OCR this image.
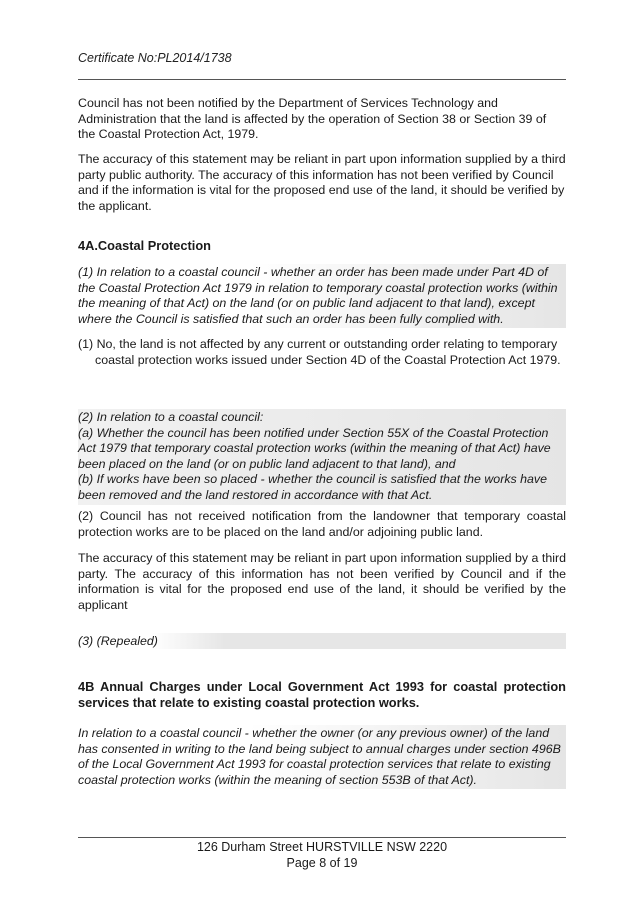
Certificate No:PL2014/1738

Council has not been notified by the Department of Services Technology and Administration that the land is affected by the operation of Section 38 or Section 39 of the Coastal Protection Act, 1979.

The accuracy of this statement may be reliant in part upon information supplied by a third party public authority. The accuracy of this information has not been verified by Council and if the information is vital for the proposed end use of the land, it should be verified by the applicant.

4A.Coastal Protection

(1) In relation to a coastal council - whether an order has been made under Part 4D of the Coastal Protection Act 1979 in relation to temporary coastal protection works (within the meaning of that Act) on the land (or on public land adjacent to that land), except where the Council is satisfied that such an order has been fully complied with.

(1) No, the land is not affected by any current or outstanding order relating to temporary coastal protection works issued under Section 4D of the Coastal Protection Act 1979.

(2) In relation to a coastal council:
(a) Whether the council has been notified under Section 55X of the Coastal Protection Act 1979 that temporary coastal protection works (within the meaning of that Act) have been placed on the land (or on public land adjacent to that land), and
(b) If works have been so placed - whether the council is satisfied that the works have been removed and the land restored in accordance with that Act.

(2) Council has not received notification from the landowner that temporary coastal protection works are to be placed on the land and/or adjoining public land.

The accuracy of this statement may be reliant in part upon information supplied by a third party. The accuracy of this information has not been verified by Council and if the information is vital for the proposed end use of the land, it should be verified by the applicant

(3) (Repealed)

4B Annual Charges under Local Government Act 1993 for coastal protection services that relate to existing coastal protection works.

In relation to a coastal council - whether the owner (or any previous owner) of the land has consented in writing to the land being subject to annual charges under section 496B of the Local Government Act 1993 for coastal protection services that relate to existing coastal protection works (within the meaning of section 553B of that Act).

126 Durham Street HURSTVILLE NSW 2220
Page 8 of 19
